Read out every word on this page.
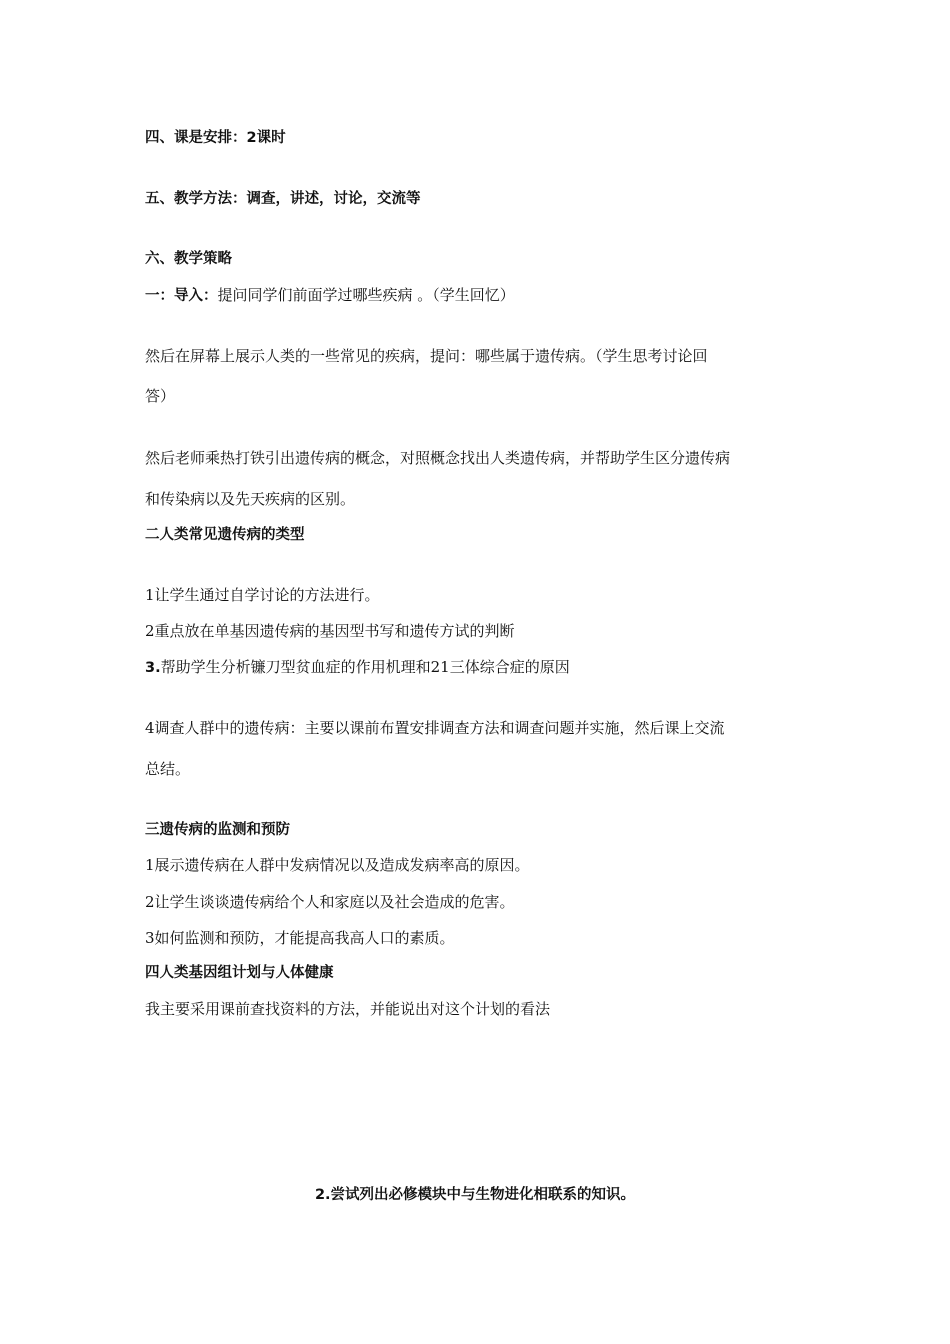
四、课是安排：2课时
五、教学方法：调查，讲述，讨论，交流等
六、教学策略
一：导入：提问同学们前面学过哪些疾病 。（学生回忆）
然后在屏幕上展示人类的一些常见的疾病，提问：哪些属于遗传病。（学生思考讨论回
答）
然后老师乘热打铁引出遗传病的概念，对照概念找出人类遗传病，并帮助学生区分遗传病
和传染病以及先天疾病的区别。
二人类常见遗传病的类型
1让学生通过自学讨论的方法进行。
2重点放在单基因遗传病的基因型书写和遗传方试的判断
3.帮助学生分析镰刀型贫血症的作用机理和21三体综合症的原因
4调查人群中的遗传病：主要以课前布置安排调查方法和调查问题并实施，然后课上交流
总结。
三遗传病的监测和预防
1展示遗传病在人群中发病情况以及造成发病率高的原因。
2让学生谈谈遗传病给个人和家庭以及社会造成的危害。
3如何监测和预防，才能提高我高人口的素质。
四人类基因组计划与人体健康
我主要采用课前查找资料的方法，并能说出对这个计划的看法
2.尝试列出必修模块中与生物进化相联系的知识。
